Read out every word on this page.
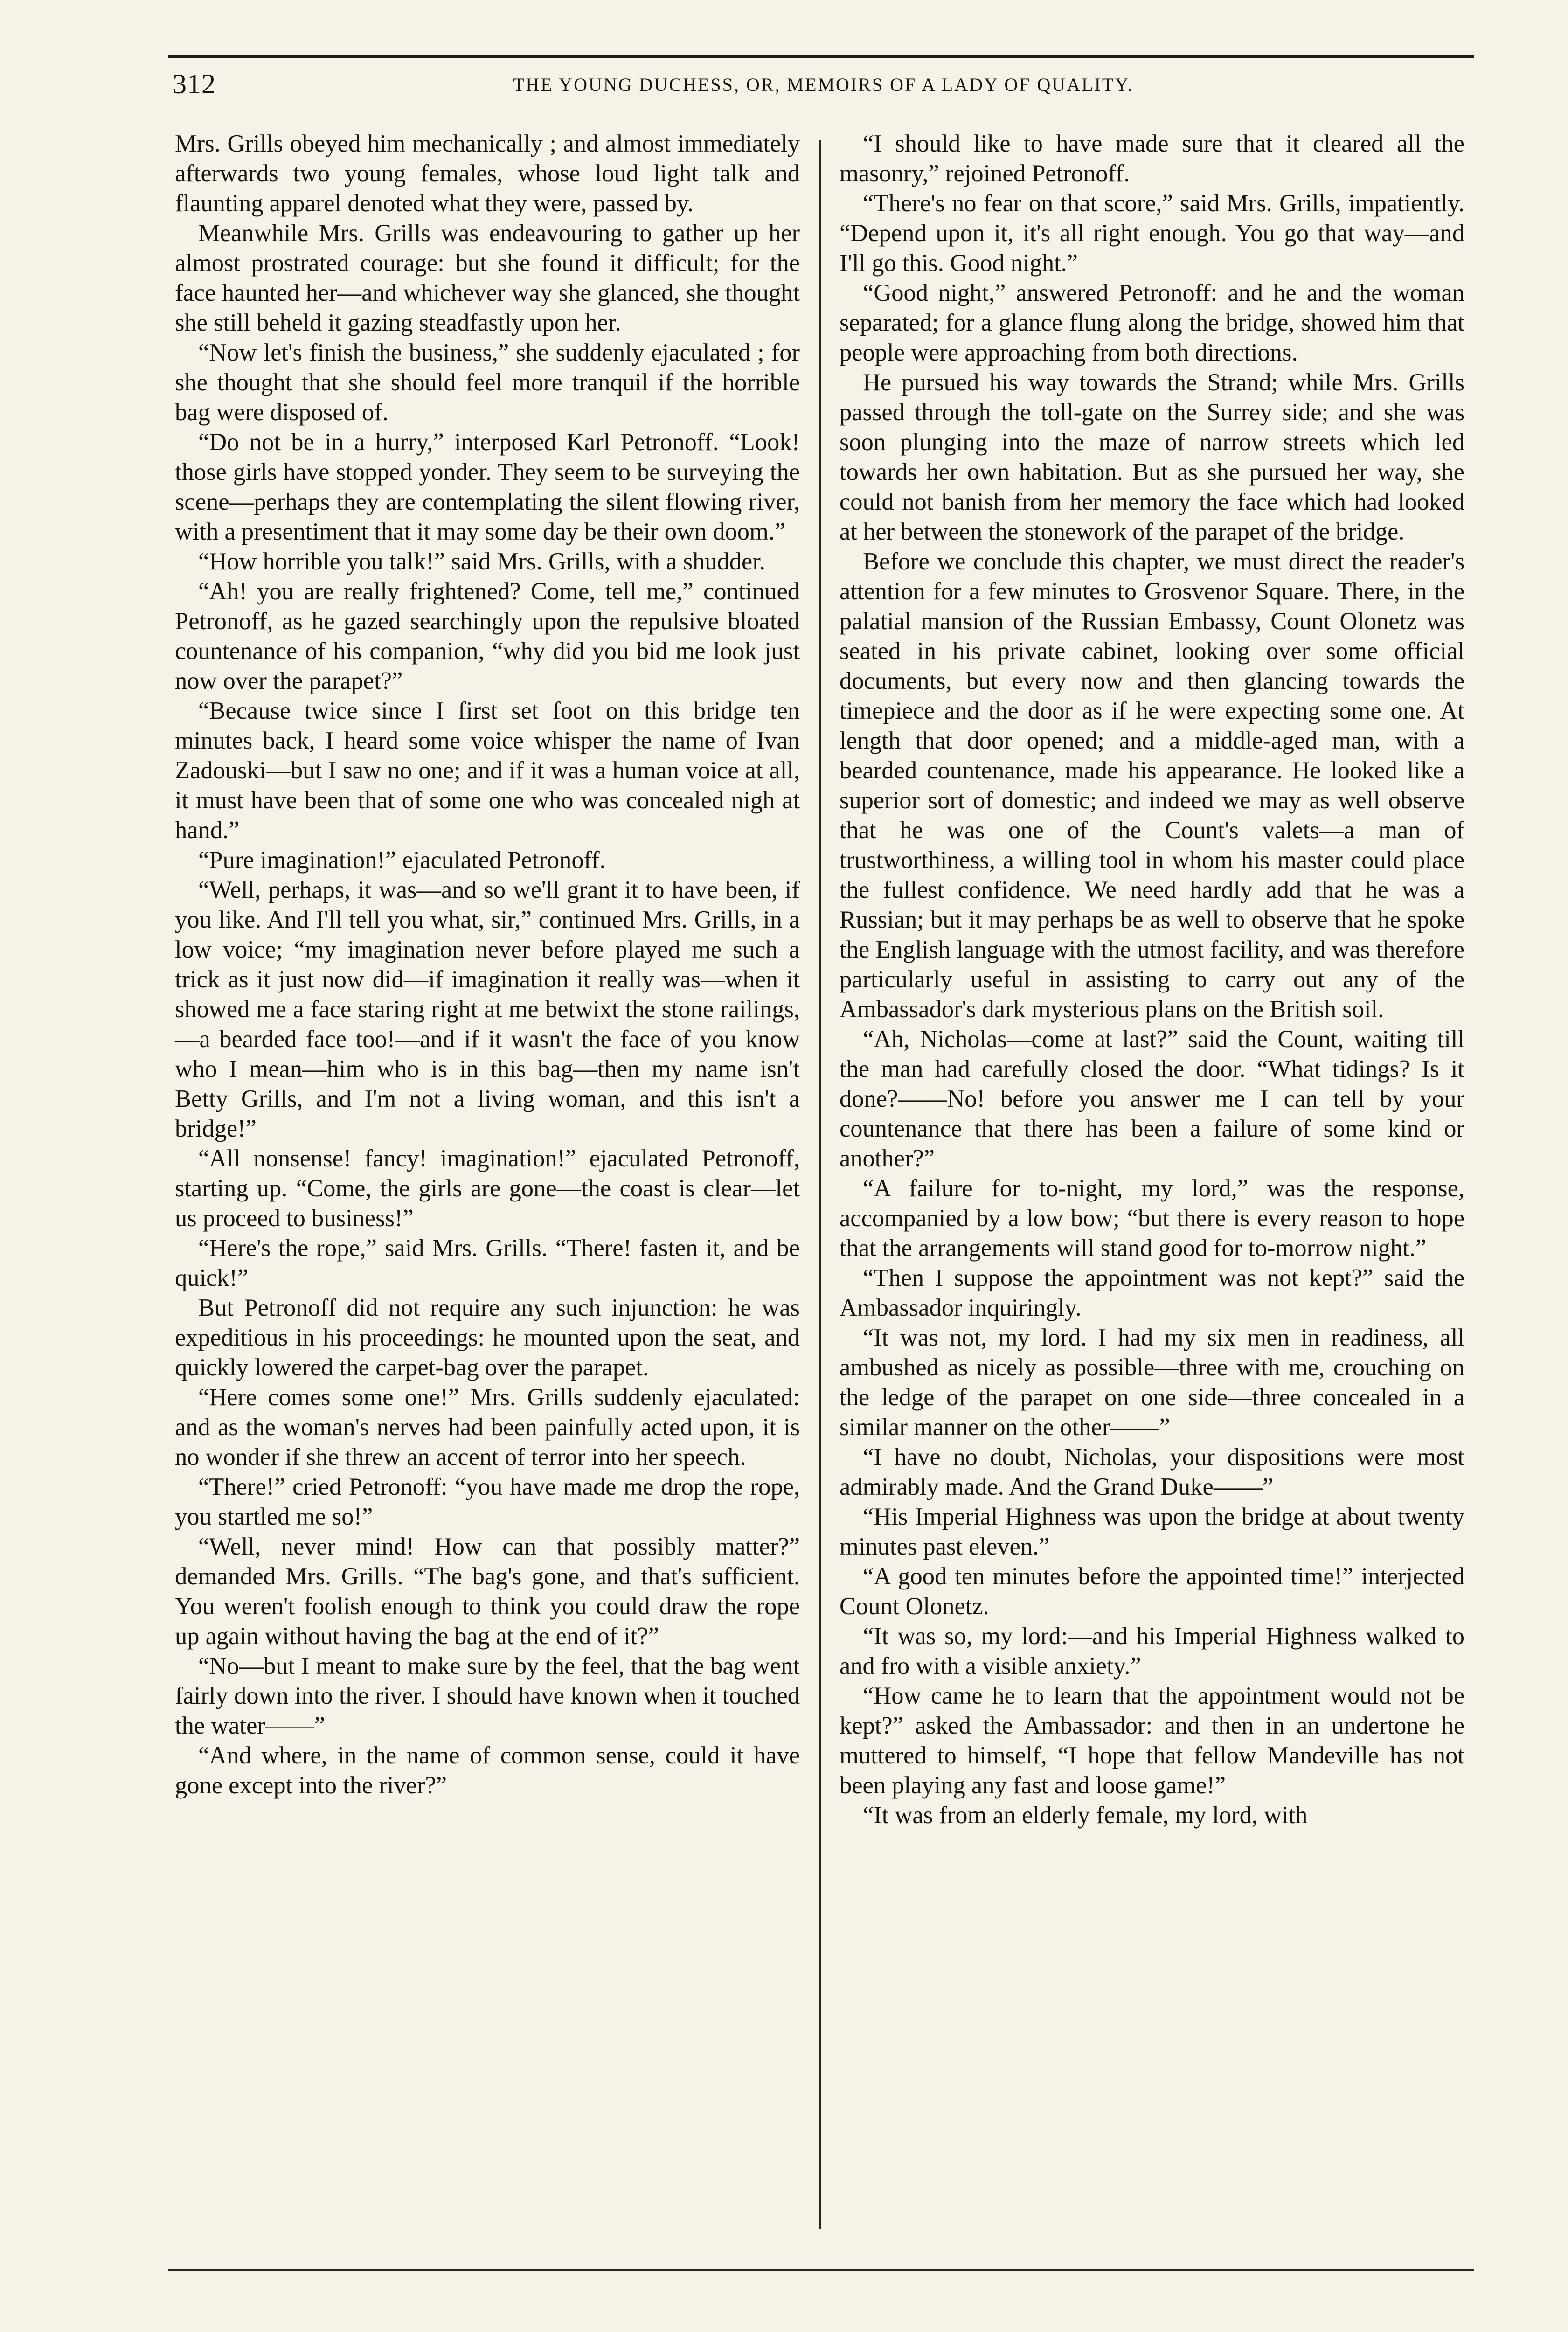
312	THE YOUNG DUCHESS, OR, MEMOIRS OF A LADY OF QUALITY.

Mrs. Grills obeyed him mechanically ; and almost immediately afterwards two young females, whose loud light talk and flaunting apparel denoted what they were, passed by.

Meanwhile Mrs. Grills was endeavouring to gather up her almost prostrated courage: but she found it difficult; for the face haunted her—and whichever way she glanced, she thought she still beheld it gazing steadfastly upon her.

“Now let's finish the business,” she suddenly ejaculated ; for she thought that she should feel more tranquil if the horrible bag were disposed of.

“Do not be in a hurry,” interposed Karl Petronoff. “Look! those girls have stopped yonder. They seem to be surveying the scene—perhaps they are contemplating the silent flowing river, with a presentiment that it may some day be their own doom.”

“How horrible you talk!” said Mrs. Grills, with a shudder.

“Ah! you are really frightened? Come, tell me,” continued Petronoff, as he gazed searchingly upon the repulsive bloated countenance of his companion, “why did you bid me look just now over the parapet?”

“Because twice since I first set foot on this bridge ten minutes back, I heard some voice whisper the name of Ivan Zadouski—but I saw no one; and if it was a human voice at all, it must have been that of some one who was concealed nigh at hand.”

“Pure imagination!” ejaculated Petronoff.

“Well, perhaps, it was—and so we'll grant it to have been, if you like. And I'll tell you what, sir,” continued Mrs. Grills, in a low voice; “my imagination never before played me such a trick as it just now did—if imagination it really was—when it showed me a face staring right at me betwixt the stone railings,—a bearded face too!—and if it wasn't the face of you know who I mean—him who is in this bag—then my name isn't Betty Grills, and I'm not a living woman, and this isn't a bridge!”

“All nonsense! fancy! imagination!” ejaculated Petronoff, starting up. “Come, the girls are gone—the coast is clear—let us proceed to business!”

“Here's the rope,” said Mrs. Grills. “There! fasten it, and be quick!”

But Petronoff did not require any such injunction: he was expeditious in his proceedings: he mounted upon the seat, and quickly lowered the carpet-bag over the parapet.

“Here comes some one!” Mrs. Grills suddenly ejaculated: and as the woman's nerves had been painfully acted upon, it is no wonder if she threw an accent of terror into her speech.

“There!” cried Petronoff: “you have made me drop the rope, you startled me so!”

“Well, never mind! How can that possibly matter?” demanded Mrs. Grills. “The bag's gone, and that's sufficient. You weren't foolish enough to think you could draw the rope up again without having the bag at the end of it?”

“No—but I meant to make sure by the feel, that the bag went fairly down into the river. I should have known when it touched the water——”

“And where, in the name of common sense, could it have gone except into the river?”

“I should like to have made sure that it cleared all the masonry,” rejoined Petronoff.

“There's no fear on that score,” said Mrs. Grills, impatiently. “Depend upon it, it's all right enough. You go that way—and I'll go this. Good night.”

“Good night,” answered Petronoff: and he and the woman separated; for a glance flung along the bridge, showed him that people were approaching from both directions.

He pursued his way towards the Strand; while Mrs. Grills passed through the toll-gate on the Surrey side; and she was soon plunging into the maze of narrow streets which led towards her own habitation. But as she pursued her way, she could not banish from her memory the face which had looked at her between the stonework of the parapet of the bridge.

Before we conclude this chapter, we must direct the reader's attention for a few minutes to Grosvenor Square. There, in the palatial mansion of the Russian Embassy, Count Olonetz was seated in his private cabinet, looking over some official documents, but every now and then glancing towards the timepiece and the door as if he were expecting some one. At length that door opened; and a middle-aged man, with a bearded countenance, made his appearance. He looked like a superior sort of domestic; and indeed we may as well observe that he was one of the Count's valets—a man of trustworthiness, a willing tool in whom his master could place the fullest confidence. We need hardly add that he was a Russian; but it may perhaps be as well to observe that he spoke the English language with the utmost facility, and was therefore particularly useful in assisting to carry out any of the Ambassador's dark mysterious plans on the British soil.

“Ah, Nicholas—come at last?” said the Count, waiting till the man had carefully closed the door. “What tidings? Is it done?——No! before you answer me I can tell by your countenance that there has been a failure of some kind or another?”

“A failure for to-night, my lord,” was the response, accompanied by a low bow; “but there is every reason to hope that the arrangements will stand good for to-morrow night.”

“Then I suppose the appointment was not kept?” said the Ambassador inquiringly.

“It was not, my lord. I had my six men in readiness, all ambushed as nicely as possible—three with me, crouching on the ledge of the parapet on one side—three concealed in a similar manner on the other——”

“I have no doubt, Nicholas, your dispositions were most admirably made. And the Grand Duke——”

“His Imperial Highness was upon the bridge at about twenty minutes past eleven.”

“A good ten minutes before the appointed time!” interjected Count Olonetz.

“It was so, my lord:—and his Imperial Highness walked to and fro with a visible anxiety.”

“How came he to learn that the appointment would not be kept?” asked the Ambassador: and then in an undertone he muttered to himself, “I hope that fellow Mandeville has not been playing any fast and loose game!”

“It was from an elderly female, my lord, with
